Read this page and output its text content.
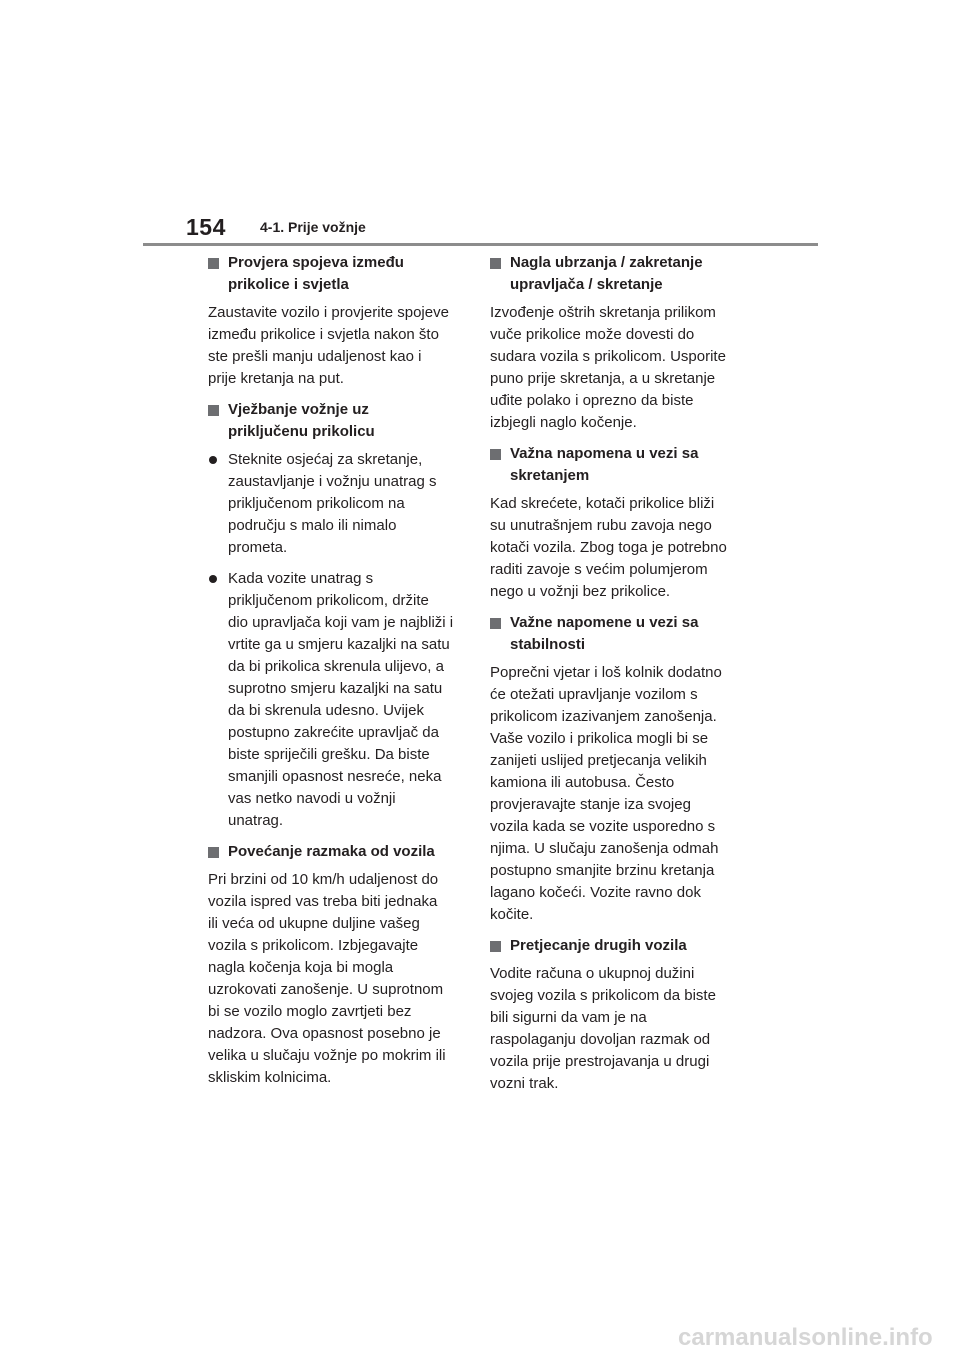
154 4-1. Prije vožnje
Provjera spojeva između
prikolice i svjetla
Zaustavite vozilo i provjerite spojeve
između prikolice i svjetla nakon što
ste prešli manju udaljenost kao i
prije kretanja na put.
Vježbanje vožnje uz
priključenu prikolicu
Steknite osjećaj za skretanje,
zaustavljanje i vožnju unatrag s
priključenom prikolicom na
području s malo ili nimalo
prometa.
Kada vozite unatrag s
priključenom prikolicom, držite
dio upravljača koji vam je najbliži i
vrtite ga u smjeru kazaljki na satu
da bi prikolica skrenula ulijevo, a
suprotno smjeru kazaljki na satu
da bi skrenula udesno. Uvijek
postupno zakrećite upravljač da
biste spriječili grešku. Da biste
smanjili opasnost nesreće, neka
vas netko navodi u vožnji
unatrag.
Povećanje razmaka od vozila
Pri brzini od 10 km/h udaljenost do
vozila ispred vas treba biti jednaka
ili veća od ukupne duljine vašeg
vozila s prikolicom. Izbjegavajte
nagla kočenja koja bi mogla
uzrokovati zanošenje. U suprotnom
bi se vozilo moglo zavrtjeti bez
nadzora. Ova opasnost posebno je
velika u slučaju vožnje po mokrim ili
skliskim kolnicima.
Nagla ubrzanja / zakretanje
upravljača / skretanje
Izvođenje oštrih skretanja prilikom
vuče prikolice može dovesti do
sudara vozila s prikolicom. Usporite
puno prije skretanja, a u skretanje
uđite polako i oprezno da biste
izbjegli naglo kočenje.
Važna napomena u vezi sa
skretanjem
Kad skrećete, kotači prikolice bliži
su unutrašnjem rubu zavoja nego
kotači vozila. Zbog toga je potrebno
raditi zavoje s većim polumjerom
nego u vožnji bez prikolice.
Važne napomene u vezi sa
stabilnosti
Poprečni vjetar i loš kolnik dodatno
će otežati upravljanje vozilom s
prikolicom izazivanjem zanošenja.
Vaše vozilo i prikolica mogli bi se
zanijeti uslijed pretjecanja velikih
kamiona ili autobusa. Često
provjeravajte stanje iza svojeg
vozila kada se vozite usporedno s
njima. U slučaju zanošenja odmah
postupno smanjite brzinu kretanja
lagano kočeći. Vozite ravno dok
kočite.
Pretjecanje drugih vozila
Vodite računa o ukupnoj dužini
svojeg vozila s prikolicom da biste
bili sigurni da vam je na
raspolaganju dovoljan razmak od
vozila prije prestrojavanja u drugi
vozni trak.
carmanualsonline.info
